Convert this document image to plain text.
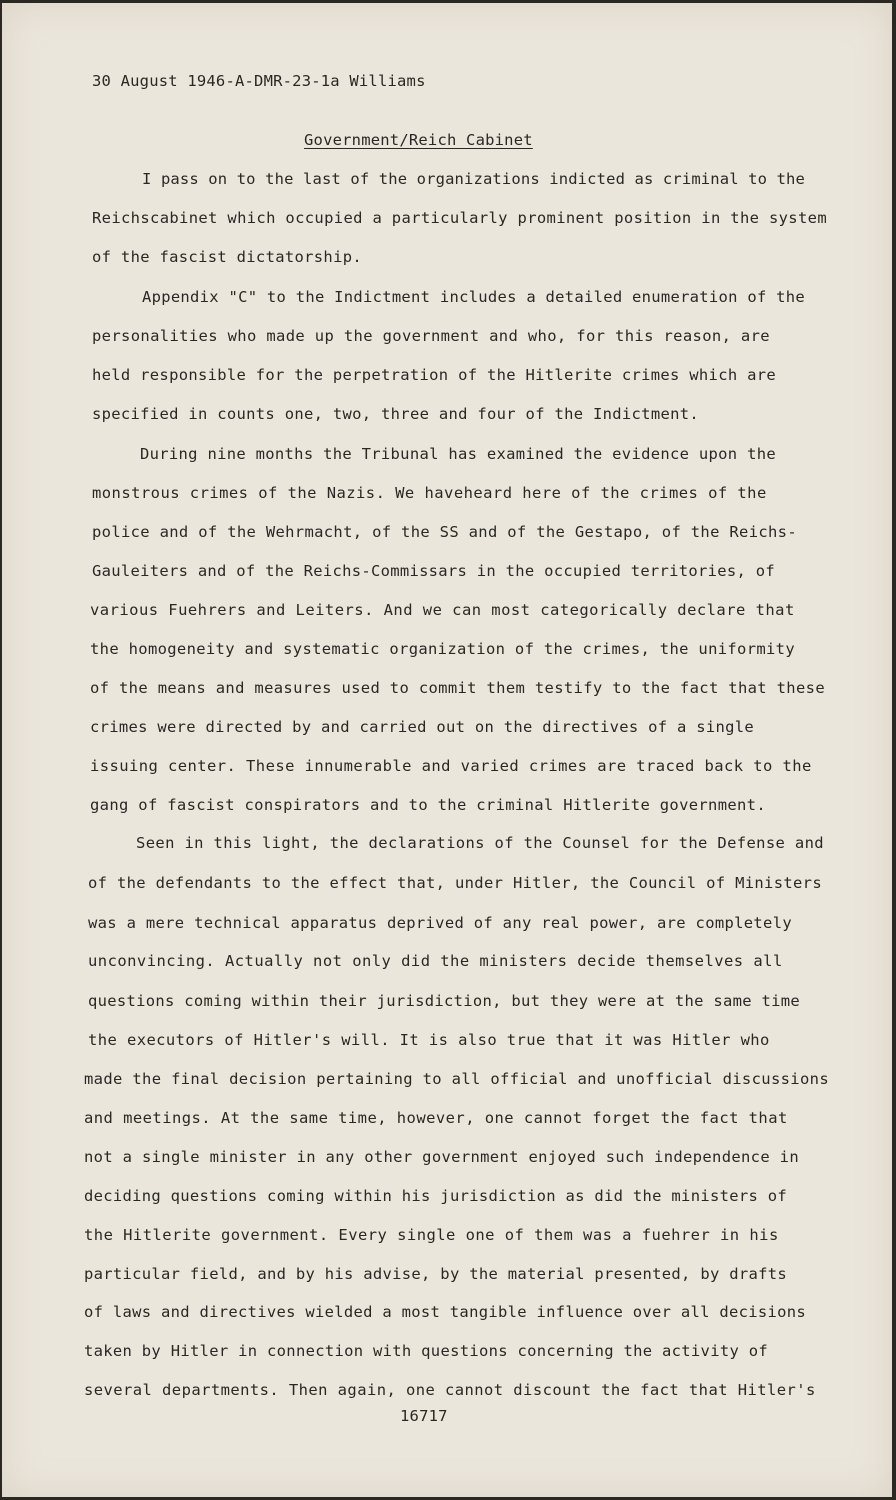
30 August 1946-A-DMR-23-1a Williams

Government/Reich Cabinet

I pass on to the last of the organizations indicted as criminal to the

Reichscabinet which occupied a particularly prominent position in the system

of the fascist dictatorship.

Appendix "C" to the Indictment includes a detailed enumeration of the

personalities who made up the government and who, for this reason, are

held responsible for the perpetration of the Hitlerite crimes which are

specified in counts one, two, three and four of the Indictment.

During nine months the Tribunal has examined the evidence upon the

monstrous crimes of the Nazis. We haveheard here of the crimes of the

police and of the Wehrmacht, of the SS and of the Gestapo, of the Reichs-

Gauleiters and of the Reichs-Commissars in the occupied territories, of

various Fuehrers and Leiters. And we can most categorically declare that

the homogeneity and systematic organization of the crimes, the uniformity

of the means and measures used to commit them testify to the fact that these

crimes were directed by and carried out on the directives of a single

issuing center. These innumerable and varied crimes are traced back to the

gang of fascist conspirators and to the criminal Hitlerite government.

Seen in this light, the declarations of the Counsel for the Defense and

of the defendants to the effect that, under Hitler, the Council of Ministers

was a mere technical apparatus deprived of any real power, are completely

unconvincing. Actually not only did the ministers decide themselves all

questions coming within their jurisdiction, but they were at the same time

the executors of Hitler's will. It is also true that it was Hitler who

made the final decision pertaining to all official and unofficial discussions

and meetings. At the same time, however, one cannot forget the fact that

not a single minister in any other government enjoyed such independence in

deciding questions coming within his jurisdiction as did the ministers of

the Hitlerite government. Every single one of them was a fuehrer in his

particular field, and by his advise, by the material presented, by drafts

of laws and directives wielded a most tangible influence over all decisions

taken by Hitler in connection with questions concerning the activity of

several departments. Then again, one cannot discount the fact that Hitler's

16717
